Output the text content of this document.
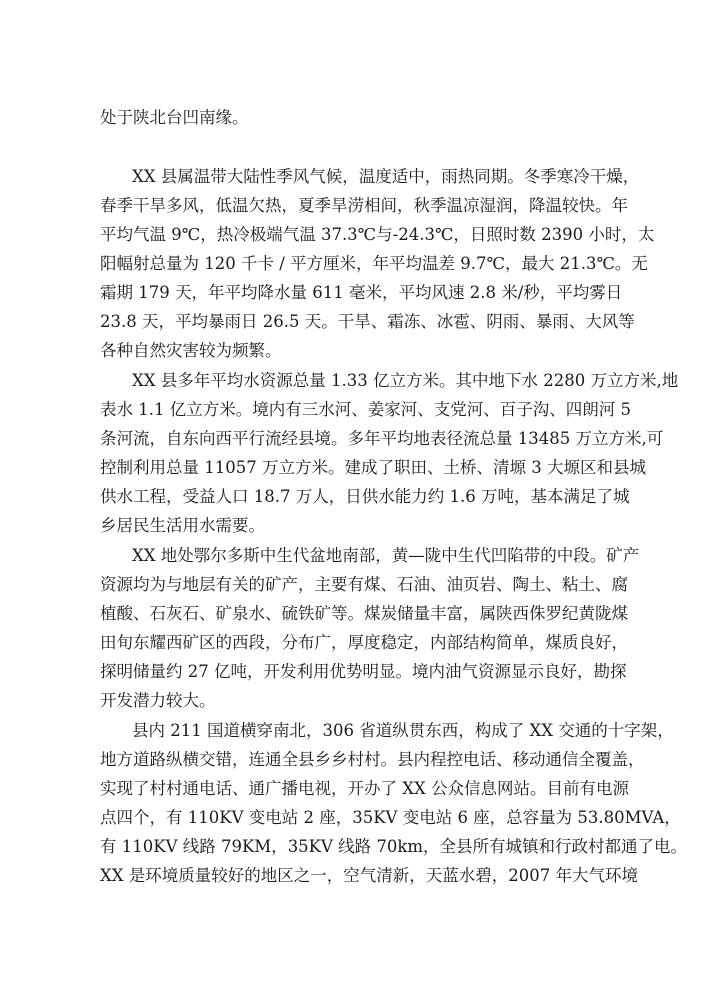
处于陕北台凹南缘。
XX 县属温带大陆性季风气候，温度适中，雨热同期。冬季寒冷干燥，
春季干旱多风，低温欠热，夏季旱涝相间，秋季温凉湿润，降温较快。年
平均气温 9℃，热冷极端气温 37.3℃与-24.3℃，日照时数 2390 小时，太
阳幅射总量为 120 千卡 / 平方厘米，年平均温差 9.7℃，最大 21.3℃。无
霜期 179 天，年平均降水量 611 毫米，平均风速 2.8 米/秒，平均雾日
23.8 天，平均暴雨日 26.5 天。干旱、霜冻、冰雹、阴雨、暴雨、大风等
各种自然灾害较为频繁。
XX 县多年平均水资源总量 1.33 亿立方米。其中地下水 2280 万立方米,地
表水 1.1 亿立方米。境内有三水河、姜家河、支党河、百子沟、四朗河 5
条河流，自东向西平行流经县境。多年平均地表径流总量 13485 万立方米,可
控制利用总量 11057 万立方米。建成了职田、土桥、清塬 3 大塬区和县城
供水工程，受益人口 18.7 万人，日供水能力约 1.6 万吨，基本满足了城
乡居民生活用水需要。
XX 地处鄂尔多斯中生代盆地南部，黄—陇中生代凹陷带的中段。矿产
资源均为与地层有关的矿产，主要有煤、石油、油页岩、陶土、粘土、腐
植酸、石灰石、矿泉水、硫铁矿等。煤炭储量丰富，属陕西侏罗纪黄陇煤
田旬东耀西矿区的西段，分布广，厚度稳定，内部结构简单，煤质良好，
探明储量约 27 亿吨，开发利用优势明显。境内油气资源显示良好，勘探
开发潜力较大。
县内 211 国道横穿南北，306 省道纵贯东西，构成了 XX 交通的十字架，
地方道路纵横交错，连通全县乡乡村村。县内程控电话、移动通信全覆盖，
实现了村村通电话、通广播电视，开办了 XX 公众信息网站。目前有电源
点四个，有 110KV 变电站 2 座，35KV 变电站 6 座，总容量为 53.80MVA，
有 110KV 线路 79KM，35KV 线路 70km，全县所有城镇和行政村都通了电。
XX 是环境质量较好的地区之一，空气清新，天蓝水碧，2007 年大气环境
